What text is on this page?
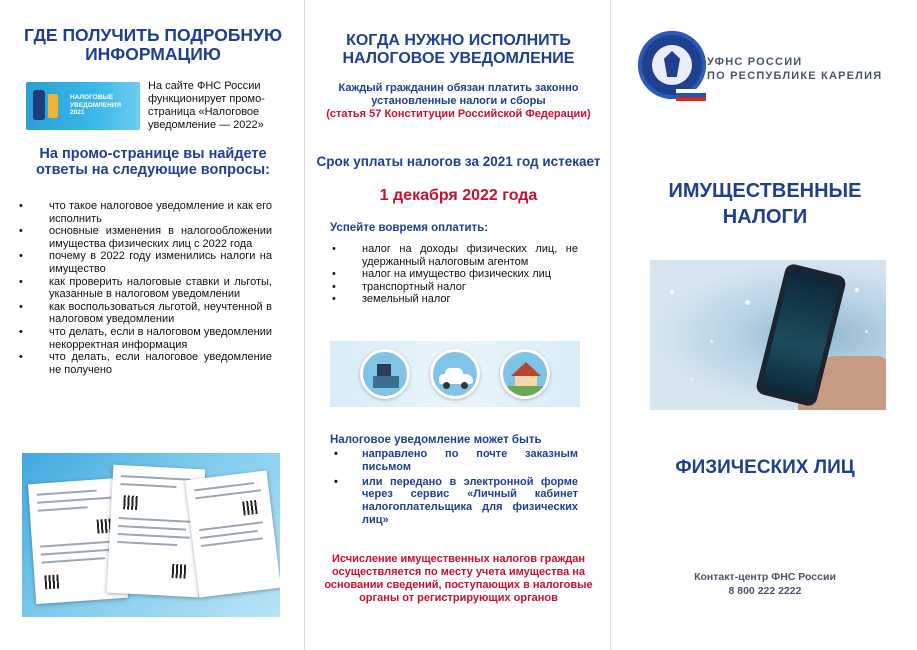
ГДЕ ПОЛУЧИТЬ ПОДРОБНУЮ ИНФОРМАЦИЮ
НАЛОГОВЫЕ УВЕДОМЛЕНИЯ 2021
На сайте ФНС России функционирует промо-страница «Налоговое уведомление — 2022»
На промо-странице вы найдете ответы на следующие вопросы:
• что такое налоговое уведомление и как его исполнить
• основные изменения в налогообложении имущества физических лиц с 2022 года
• почему в 2022 году изменились налоги на имущество
• как проверить налоговые ставки и льготы, указанные в налоговом уведомлении
• как воспользоваться льготой, неучтенной в налоговом уведомлении
• что делать, если в налоговом уведомлении некорректная информация
• что делать, если налоговое уведомление не получено
КОГДА НУЖНО ИСПОЛНИТЬ НАЛОГОВОЕ УВЕДОМЛЕНИЕ
Каждый гражданин обязан платить законно установленные налоги и сборы
(статья 57 Конституции Российской Федерации)
Срок уплаты налогов за 2021 год истекает
1 декабря 2022 года
Успейте вовремя оплатить:
• налог на доходы физических лиц, не удержанный налоговым агентом
• налог на имущество физических лиц
• транспортный налог
• земельный налог
Налоговое уведомление может быть
• направлено по почте заказным письмом
• или передано в электронной форме через сервис «Личный кабинет налогоплательщика для физических лиц»
Исчисление имущественных налогов граждан осуществляется по месту учета имущества на основании сведений, поступающих в налоговые органы от регистрирующих органов
УФНС РОССИИ
ПО РЕСПУБЛИКЕ КАРЕЛИЯ
ИМУЩЕСТВЕННЫЕ НАЛОГИ
ФИЗИЧЕСКИХ ЛИЦ
Контакт-центр ФНС России
8 800 222 2222
